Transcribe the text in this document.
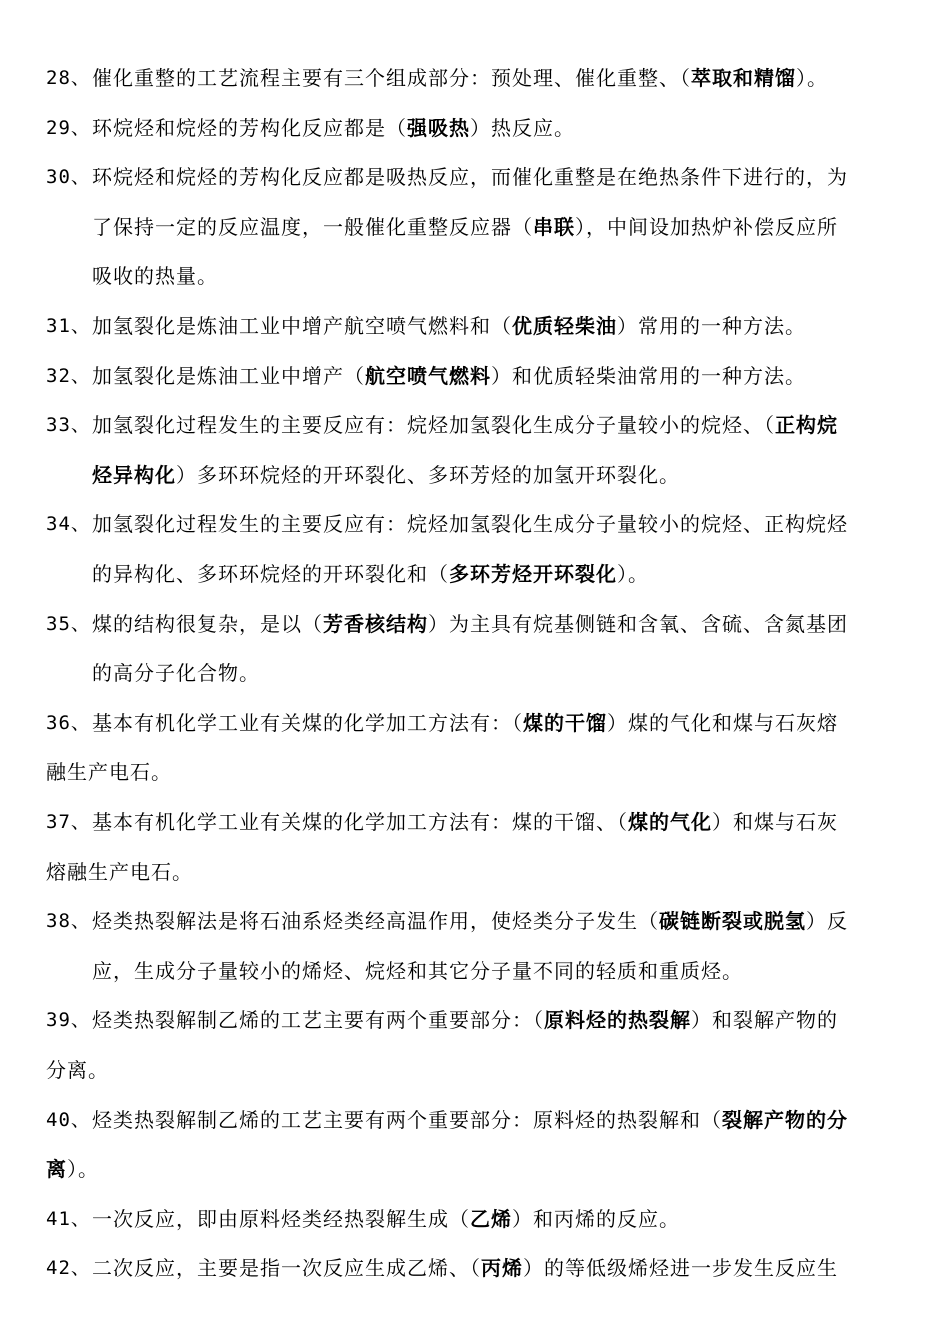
28、 催化重整的工艺流程主要有三个组成部分：预处理、催化重整、（萃取和精馏）。
29、 环烷烃和烷烃的芳构化反应都是（强吸热）热反应。
30、 环烷烃和烷烃的芳构化反应都是吸热反应，而催化重整是在绝热条件下进行的，为
了保持一定的反应温度，一般催化重整反应器（串联），中间设加热炉补偿反应所
吸收的热量。
31、 加氢裂化是炼油工业中增产航空喷气燃料和（优质轻柴油）常用的一种方法。
32、 加氢裂化是炼油工业中增产（航空喷气燃料）和优质轻柴油常用的一种方法。
33、 加氢裂化过程发生的主要反应有：烷烃加氢裂化生成分子量较小的烷烃、（正构烷
烃异构化）多环环烷烃的开环裂化、多环芳烃的加氢开环裂化。
34、 加氢裂化过程发生的主要反应有：烷烃加氢裂化生成分子量较小的烷烃、正构烷烃
的异构化、多环环烷烃的开环裂化和（多环芳烃开环裂化）。
35、 煤的结构很复杂，是以（芳香核结构）为主具有烷基侧链和含氧、含硫、含氮基团
的高分子化合物。
36、 基本有机化学工业有关煤的化学加工方法有：（煤的干馏）煤的气化和煤与石灰熔
融生产电石。
37、 基本有机化学工业有关煤的化学加工方法有：煤的干馏、（煤的气化）和煤与石灰
熔融生产电石。
38、 烃类热裂解法是将石油系烃类经高温作用，使烃类分子发生（碳链断裂或脱氢）反
应，生成分子量较小的烯烃、烷烃和其它分子量不同的轻质和重质烃。
39、 烃类热裂解制乙烯的工艺主要有两个重要部分：（原料烃的热裂解）和裂解产物的
分离。
40、 烃类热裂解制乙烯的工艺主要有两个重要部分：原料烃的热裂解和（裂解产物的分
离）。
41、 一次反应，即由原料烃类经热裂解生成（乙烯）和丙烯的反应。
42、 二次反应，主要是指一次反应生成乙烯、（丙烯）的等低级烯烃进一步发生反应生
